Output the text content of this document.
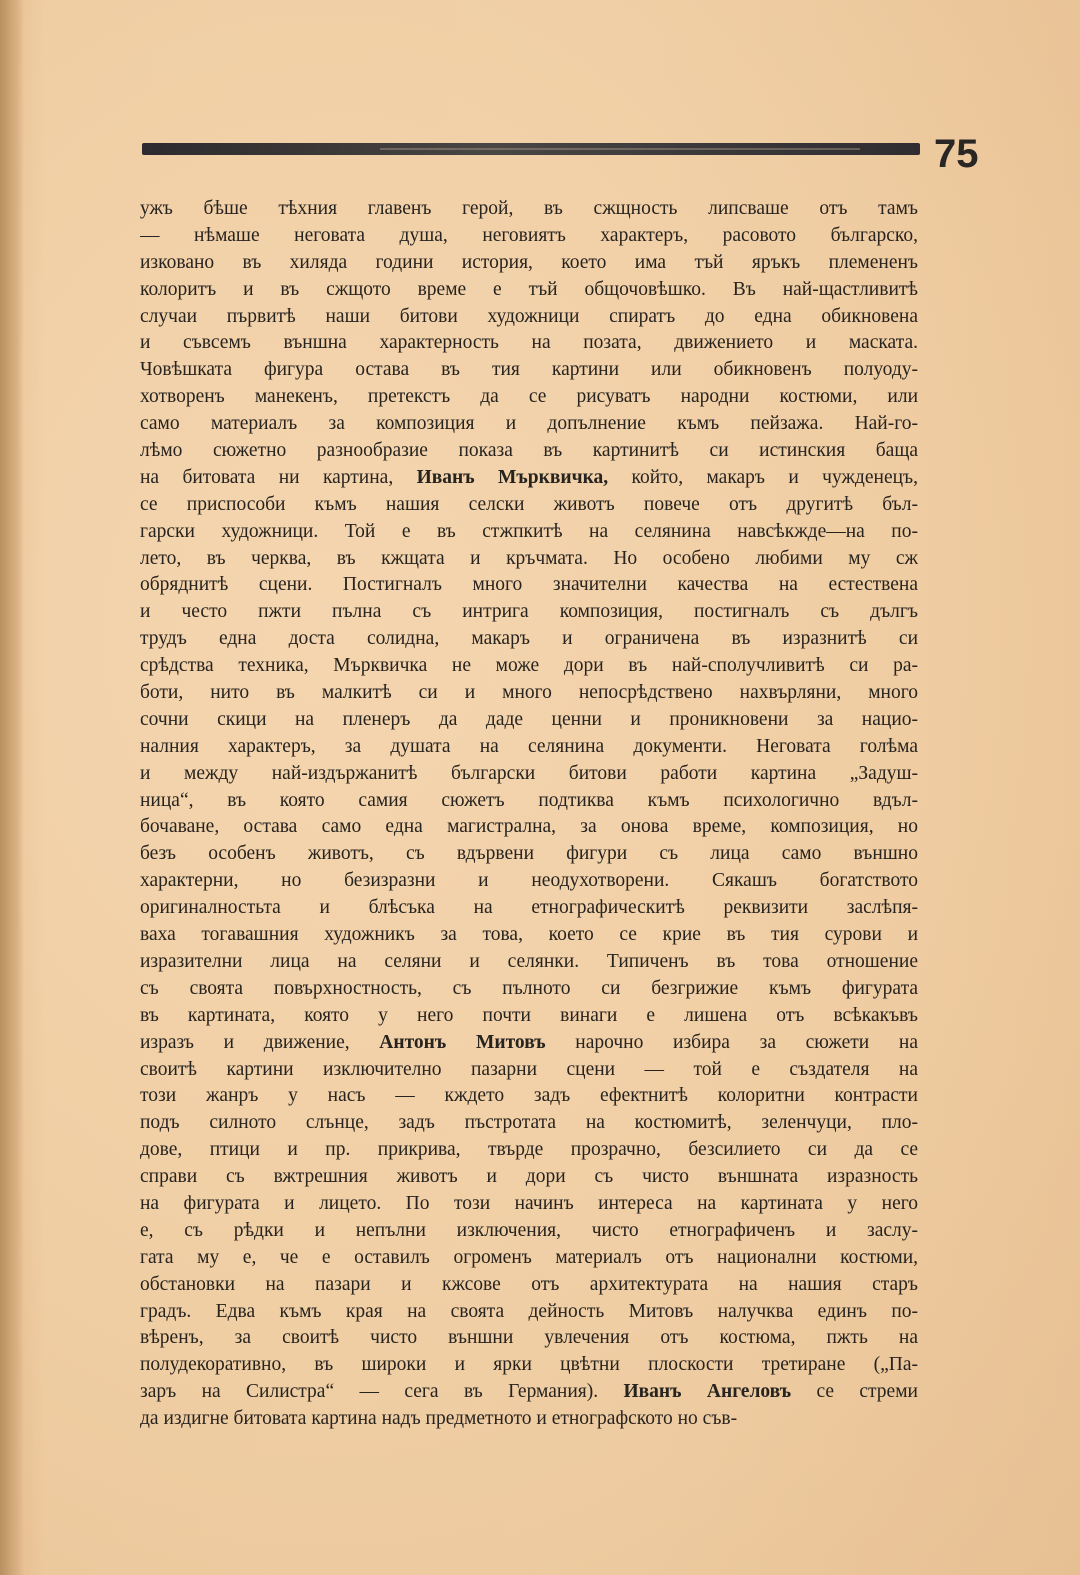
75
ужъ бѣше тѣхния главенъ герой, въ сжщность липсваше отъ тамъ
— нѣмаше неговата душа, неговиятъ характеръ, расовото българско,
изковано въ хиляда години история, което има тъй яръкъ племененъ
колоритъ и въ сжщото време е тъй общочовѣшко. Въ най-щастливитѣ
случаи първитѣ наши битови художници спиратъ до една обикновена
и съвсемъ външна характерность на позата, движението и маската.
Човѣшката фигура остава въ тия картини или обикновенъ полуоду-
хотворенъ манекенъ, претекстъ да се рисуватъ народни костюми, или
само материалъ за композиция и допълнение къмъ пейзажа. Най-го-
лѣмо сюжетно разнообразие показа въ картинитѣ си истинския баща
на битовата ни картина, Иванъ Мърквичка, който, макаръ и чужденецъ,
се приспособи къмъ нашия селски животъ повече отъ другитѣ бъл-
гарски художници. Той е въ стжпкитѣ на селянина навсѣкжде—на по-
лето, въ черква, въ кжщата и кръчмата. Но особено любими му сж
обряднитѣ сцени. Постигналъ много значителни качества на естествена
и често пжти пълна съ интрига композиция, постигналъ съ дългъ
трудъ една доста солидна, макаръ и ограничена въ изразнитѣ си
срѣдства техника, Мърквичка не може дори въ най-сполучливитѣ си ра-
боти, нито въ малкитѣ си и много непосрѣдствено нахвърляни, много
сочни скици на пленеръ да даде ценни и проникновени за нацио-
налния характеръ, за душата на селянина документи. Неговата голѣма
и между най-издържанитѣ български битови работи картина „Задуш-
ница“, въ която самия сюжетъ подтиква къмъ психологично вдъл-
бочаване, остава само една магистрална, за онова време, композиция, но
безъ особенъ животъ, съ вдървени фигури съ лица само външно
характерни, но безизразни и неодухотворени. Сякашъ богатството
оригиналностьта и блѣсъка на етнографическитѣ реквизити заслѣпя-
ваха тогавашния художникъ за това, което се крие въ тия сурови и
изразителни лица на селяни и селянки. Типиченъ въ това отношение
съ своята повърхностность, съ пълното си безгрижие къмъ фигурата
въ картината, която у него почти винаги е лишена отъ всѣкакъвъ
изразъ и движение, Антонъ Митовъ нарочно избира за сюжети на
своитѣ картини изключително пазарни сцени — той е създателя на
този жанръ у насъ — кждето задъ ефектнитѣ колоритни контрасти
подъ силното слънце, задъ пъстротата на костюмитѣ, зеленчуци, пло-
дове, птици и пр. прикрива, твърде прозрачно, безсилието си да се
справи съ вжтрешния животъ и дори съ чисто външната изразность
на фигурата и лицето. По този начинъ интереса на картината у него
е, съ рѣдки и непълни изключения, чисто етнографиченъ и заслу-
гата му е, че е оставилъ огроменъ материалъ отъ национални костюми,
обстановки на пазари и кжсове отъ архитектурата на нашия старъ
градъ. Едва къмъ края на своята дейность Митовъ налучква единъ по-
вѣренъ, за своитѣ чисто външни увлечения отъ костюма, пжть на
полудекоративно, въ широки и ярки цвѣтни плоскости третиране („Па-
заръ на Силистра“ — сега въ Германия). Иванъ Ангеловъ се стреми
да издигне битовата картина надъ предметното и етнографското но съв-
